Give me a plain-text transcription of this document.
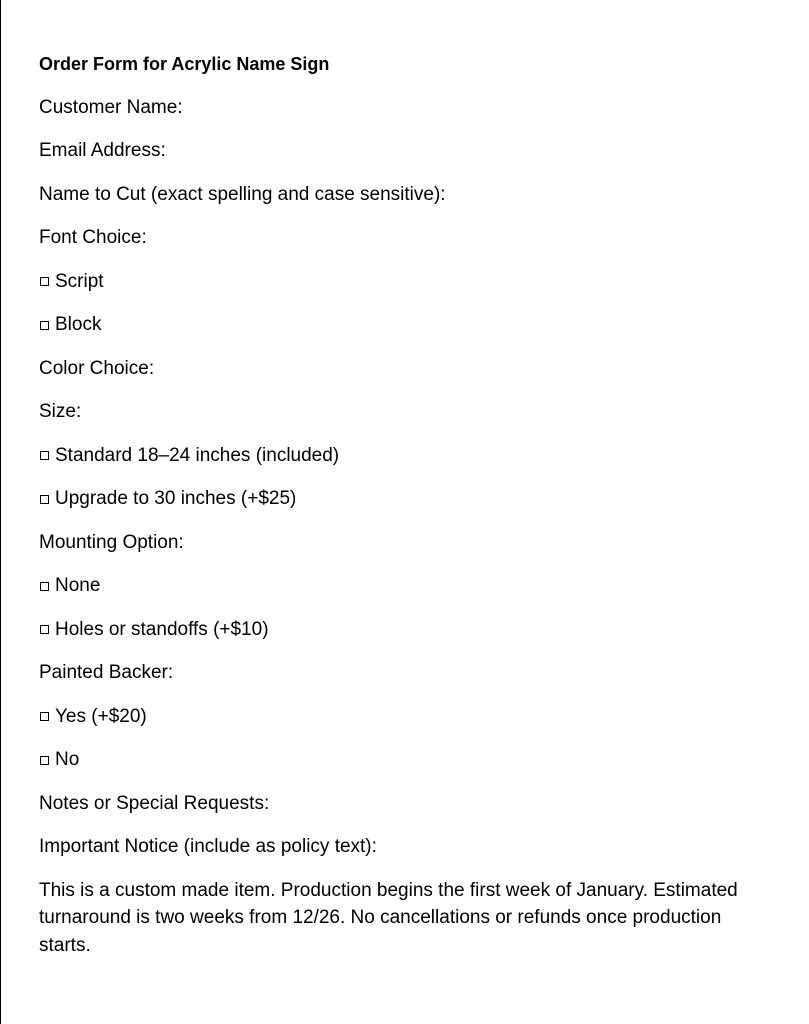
Order Form for Acrylic Name Sign
Customer Name:
Email Address:
Name to Cut (exact spelling and case sensitive):
Font Choice:
Script
Block
Color Choice:
Size:
Standard 18–24 inches (included)
Upgrade to 30 inches (+$25)
Mounting Option:
None
Holes or standoffs (+$10)
Painted Backer:
Yes (+$20)
No
Notes or Special Requests:
Important Notice (include as policy text):
This is a custom made item. Production begins the first week of January. Estimated turnaround is two weeks from 12/26. No cancellations or refunds once production starts.
